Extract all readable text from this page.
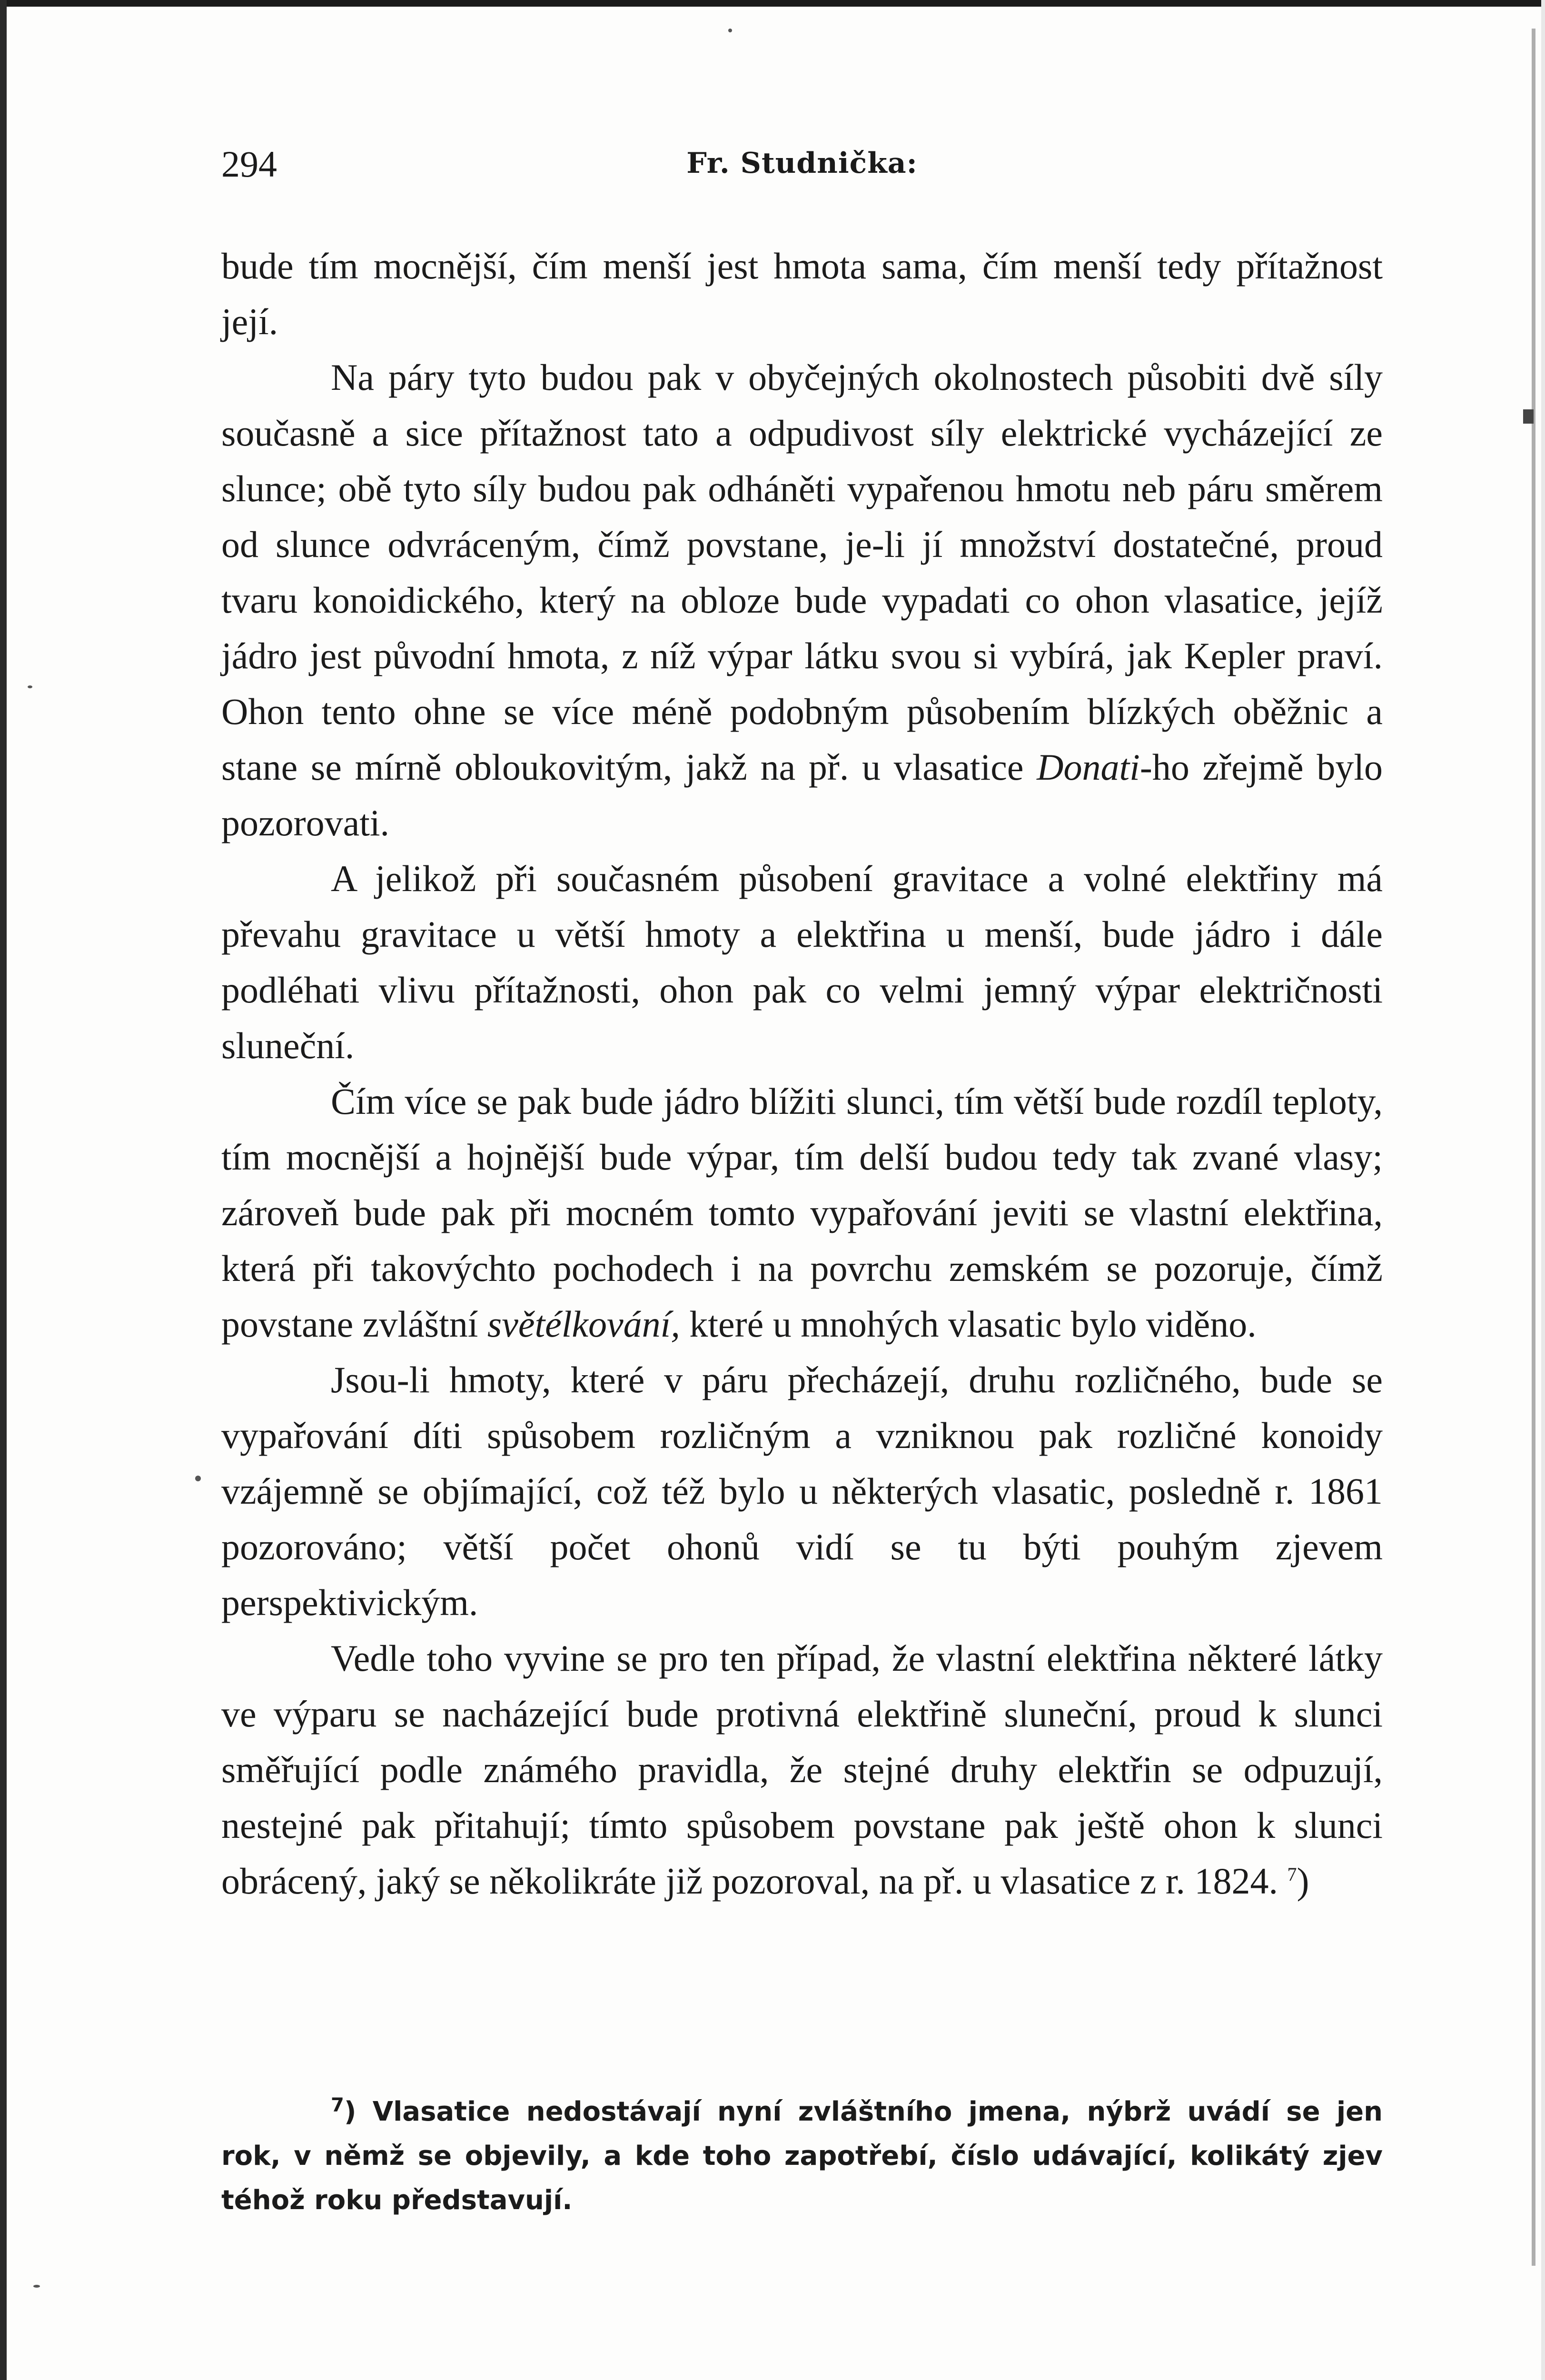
294	Fr. Studnička:

bude tím mocnější, čím menší jest hmota sama, čím menší tedy přítažnost její.

Na páry tyto budou pak v obyčejných okolnostech působiti dvě síly současně a sice přítažnost tato a odpudivost síly elektrické vycházející ze slunce; obě tyto síly budou pak odháněti vypařenou hmotu neb páru směrem od slunce odvráceným, čímž povstane, je-li jí množství dostatečné, proud tvaru konoidického, který na obloze bude vypadati co ohon vlasatice, jejíž jádro jest původní hmota, z níž výpar látku svou si vybírá, jak Kepler praví. Ohon tento ohne se více méně podobným působením blízkých oběžnic a stane se mírně obloukovitým, jakž na př. u vlasatice Donati-ho zřejmě bylo pozorovati.

A jelikož při současném působení gravitace a volné elektřiny má převahu gravitace u větší hmoty a elektřina u menší, bude jádro i dále podléhati vlivu přítažnosti, ohon pak co velmi jemný výpar električnosti sluneční.

Čím více se pak bude jádro blížiti slunci, tím větší bude rozdíl teploty, tím mocnější a hojnější bude výpar, tím delší budou tedy tak zvané vlasy; zároveň bude pak při mocném tomto vypařování jeviti se vlastní elektřina, která při takovýchto pochodech i na povrchu zemském se pozoruje, čímž povstane zvláštní světélkování, které u mnohých vlasatic bylo viděno.

Jsou-li hmoty, které v páru přecházejí, druhu rozličného, bude se vypařování díti spůsobem rozličným a vzniknou pak rozličné konoidy vzájemně se objímající, což též bylo u některých vlasatic, posledně r. 1861 pozorováno; větší počet ohonů vidí se tu býti pouhým zjevem perspektivickým.

Vedle toho vyvine se pro ten případ, že vlastní elektřina některé látky ve výparu se nacházející bude protivná elektřině sluneční, proud k slunci směřující podle známého pravidla, že stejné druhy elektřin se odpuzují, nestejné pak přitahují; tímto spůsobem povstane pak ještě ohon k slunci obrácený, jaký se několikráte již pozoroval, na př. u vlasatice z r. 1824. $^7$)

$^7$) Vlasatice nedostávají nyní zvláštního jmena, nýbrž uvádí se jen rok, v němž se objevily, a kde toho zapotřebí, číslo udávající, kolikátý zjev téhož roku představují.
